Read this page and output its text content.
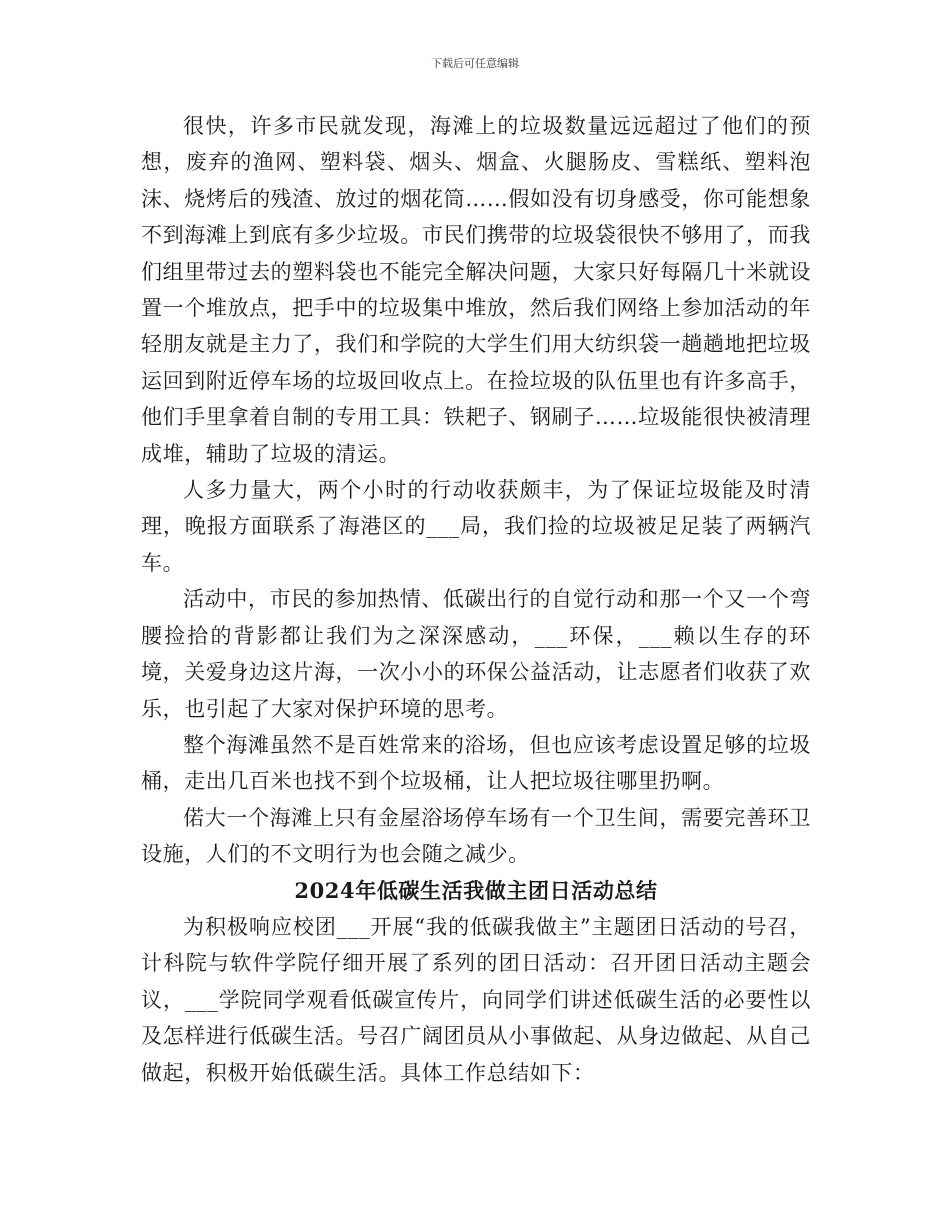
下载后可任意编辑

很快，许多市民就发现，海滩上的垃圾数量远远超过了他们的预想，废弃的渔网、塑料袋、烟头、烟盒、火腿肠皮、雪糕纸、塑料泡沫、烧烤后的残渣、放过的烟花筒……假如没有切身感受，你可能想象不到海滩上到底有多少垃圾。市民们携带的垃圾袋很快不够用了，而我们组里带过去的塑料袋也不能完全解决问题，大家只好每隔几十米就设置一个堆放点，把手中的垃圾集中堆放，然后我们网络上参加活动的年轻朋友就是主力了，我们和学院的大学生们用大纺织袋一趟趟地把垃圾运回到附近停车场的垃圾回收点上。在捡垃圾的队伍里也有许多高手，他们手里拿着自制的专用工具：铁耙子、钢刷子……垃圾能很快被清理成堆，辅助了垃圾的清运。

人多力量大，两个小时的行动收获颇丰，为了保证垃圾能及时清理，晚报方面联系了海港区的___局，我们捡的垃圾被足足装了两辆汽车。

活动中，市民的参加热情、低碳出行的自觉行动和那一个又一个弯腰捡拾的背影都让我们为之深深感动，___环保，___赖以生存的环境，关爱身边这片海，一次小小的环保公益活动，让志愿者们收获了欢乐，也引起了大家对保护环境的思考。

整个海滩虽然不是百姓常来的浴场，但也应该考虑设置足够的垃圾桶，走出几百米也找不到个垃圾桶，让人把垃圾往哪里扔啊。

偌大一个海滩上只有金屋浴场停车场有一个卫生间，需要完善环卫设施，人们的不文明行为也会随之减少。

2024年低碳生活我做主团日活动总结

为积极响应校团___开展“我的低碳我做主”主题团日活动的号召，计科院与软件学院仔细开展了系列的团日活动：召开团日活动主题会议，___学院同学观看低碳宣传片，向同学们讲述低碳生活的必要性以及怎样进行低碳生活。号召广阔团员从小事做起、从身边做起、从自己做起，积极开始低碳生活。具体工作总结如下：
